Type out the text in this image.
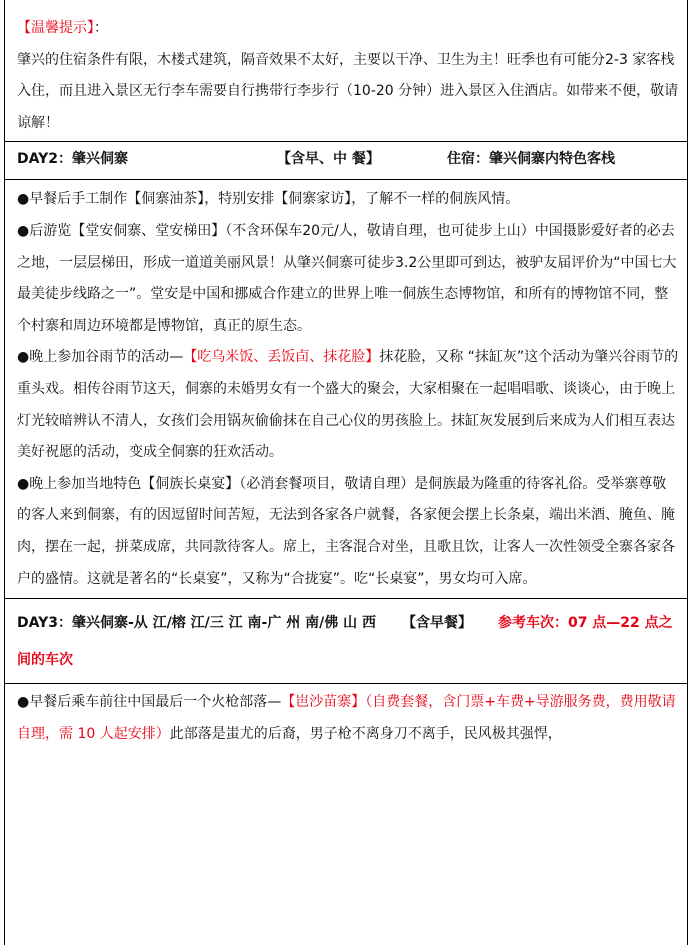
【温馨提示】：
肇兴的住宿条件有限，木楼式建筑，隔音效果不太好，主要以干净、卫生为主！旺季也有可能分2-3 家客栈入住，而且进入景区无行李车需要自行携带行李步行（10-20 分钟）进入景区入住酒店。如带来不便，敬请谅解！

DAY2：肇兴侗寨	【含早、中 餐】	住宿：肇兴侗寨内特色客栈

●早餐后手工制作【侗寨油茶】，特别安排【侗寨家访】，了解不一样的侗族风情。

●后游览【堂安侗寨、堂安梯田】（不含环保车20元/人，敬请自理，也可徒步上山）中国摄影爱好者的必去之地，一层层梯田，形成一道道美丽风景！从肇兴侗寨可徒步3.2公里即可到达，被驴友届评价为“中国七大最美徒步线路之一”。堂安是中国和挪威合作建立的世界上唯一侗族生态博物馆，和所有的博物馆不同，整个村寨和周边环境都是博物馆，真正的原生态。

●晚上参加谷雨节的活动—【吃乌米饭、丢饭卣、抹花脸】抹花脸，又称 “抹缸灰”这个活动为肇兴谷雨节的重头戏。相传谷雨节这天，侗寨的未婚男女有一个盛大的聚会，大家相聚在一起唱唱歌、谈谈心，由于晚上灯光较暗辨认不清人，女孩们会用锅灰偷偷抹在自己心仪的男孩脸上。抹缸灰发展到后来成为人们相互表达美好祝愿的活动，变成全侗寨的狂欢活动。

●晚上参加当地特色【侗族长桌宴】（必消套餐项目，敬请自理）是侗族最为隆重的待客礼俗。受举寨尊敬的客人来到侗寨，有的因逗留时间苦短，无法到各家各户就餐，各家便会摆上长条桌，端出米酒、腌鱼、腌肉，摆在一起，拼菜成席，共同款待客人。席上，主客混合对坐，且歌且饮，让客人一次性领受全寨各家各户的盛情。这就是著名的“长桌宴”，又称为“合拢宴”。吃“长桌宴”，男女均可入席。

DAY3：肇兴侗寨-从 江/榕 江/三 江 南-广 州 南/佛 山 西 【含早餐】 参考车次：07 点—22 点之间的车次

●早餐后乘车前往中国最后一个火枪部落—【岜沙苗寨】（自费套餐，含门票+车费+导游服务费，费用敬请自理，需 10 人起安排）此部落是蚩尤的后裔，男子枪不离身刀不离手，民风极其强悍，
